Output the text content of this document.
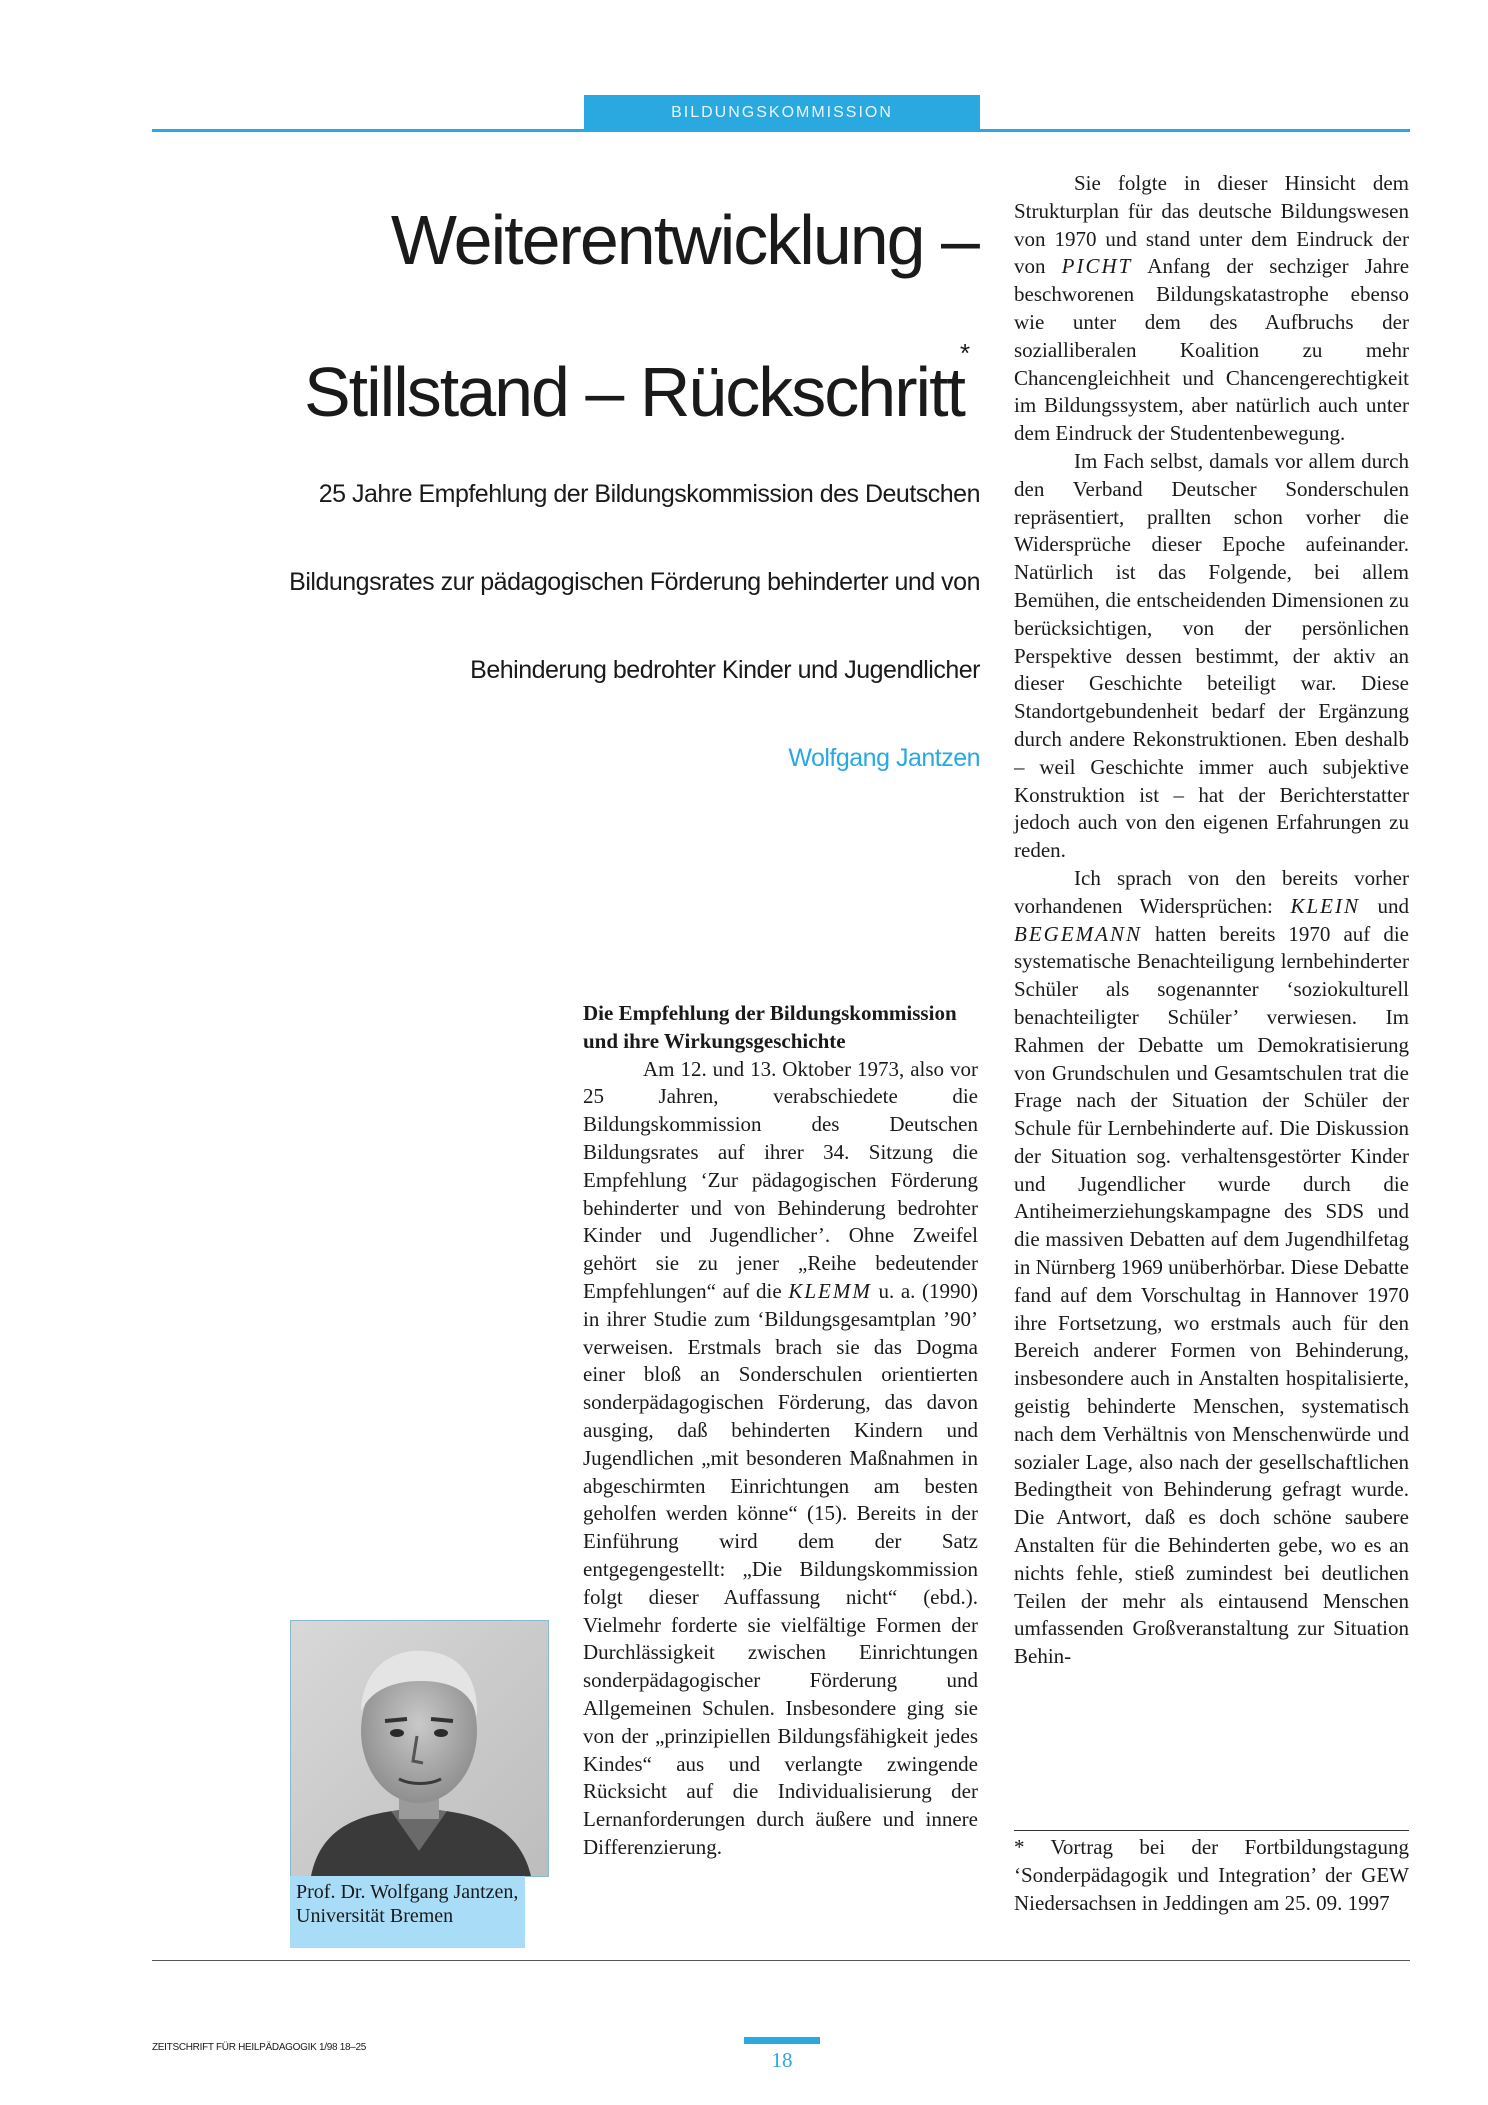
BILDUNGSKOMMISSION
Weiterentwicklung –
Stillstand – Rückschritt
*
25 Jahre Empfehlung der Bildungskommission des Deutschen
Bildungsrates zur pädagogischen Förderung behinderter und von
Behinderung bedrohter Kinder und Jugendlicher
Wolfgang Jantzen
Prof. Dr. Wolfgang Jantzen,
Universität Bremen
Die Empfehlung der Bildungskommission und ihre Wirkungsgeschichte

Am 12. und 13. Oktober 1973, also vor 25 Jahren, verabschiedete die Bildungskommission des Deutschen Bildungsrates auf ihrer 34. Sitzung die Empfehlung ‘Zur pädagogischen Förderung behinderter und von Behinderung bedrohter Kinder und Jugendlicher’. Ohne Zweifel gehört sie zu jener „Reihe bedeutender Empfehlungen“ auf die KLEMM u. a. (1990) in ihrer Studie zum ‘Bildungsgesamtplan ’90’ verweisen. Erstmals brach sie das Dogma einer bloß an Sonderschulen orientierten sonderpädagogischen Förderung, das davon ausging, daß behinderten Kindern und Jugendlichen „mit besonderen Maßnahmen in abgeschirmten Einrichtungen am besten geholfen werden könne“ (15). Bereits in der Einführung wird dem der Satz entgegengestellt: „Die Bildungskommission folgt dieser Auffassung nicht“ (ebd.). Vielmehr forderte sie vielfältige Formen der Durchlässigkeit zwischen Einrichtungen sonderpädagogischer Förderung und Allgemeinen Schulen. Insbesondere ging sie von der „prinzipiellen Bildungsfähigkeit jedes Kindes“ aus und verlangte zwingende Rücksicht auf die Individualisierung der Lernanforderungen durch äußere und innere Differenzierung.

Sie folgte in dieser Hinsicht dem Strukturplan für das deutsche Bildungswesen von 1970 und stand unter dem Eindruck der von PICHT Anfang der sechziger Jahre beschworenen Bildungskatastrophe ebenso wie unter dem des Aufbruchs der sozialliberalen Koalition zu mehr Chancengleichheit und Chancengerechtigkeit im Bildungssystem, aber natürlich auch unter dem Eindruck der Studentenbewegung.

Im Fach selbst, damals vor allem durch den Verband Deutscher Sonderschulen repräsentiert, prallten schon vorher die Widersprüche dieser Epoche aufeinander. Natürlich ist das Folgende, bei allem Bemühen, die entscheidenden Dimensionen zu berücksichtigen, von der persönlichen Perspektive dessen bestimmt, der aktiv an dieser Geschichte beteiligt war. Diese Standortgebundenheit bedarf der Ergänzung durch andere Rekonstruktionen. Eben deshalb – weil Geschichte immer auch subjektive Konstruktion ist – hat der Berichterstatter jedoch auch von den eigenen Erfahrungen zu reden.

Ich sprach von den bereits vorher vorhandenen Widersprüchen: KLEIN und BEGEMANN hatten bereits 1970 auf die systematische Benachteiligung lernbehinderter Schüler als sogenannter ‘soziokulturell benachteiligter Schüler’ verwiesen. Im Rahmen der Debatte um Demokratisierung von Grundschulen und Gesamtschulen trat die Frage nach der Situation der Schüler der Schule für Lernbehinderte auf. Die Diskussion der Situation sog. verhaltensgestörter Kinder und Jugendlicher wurde durch die Antiheimerziehungskampagne des SDS und die massiven Debatten auf dem Jugendhilfetag in Nürnberg 1969 unüberhörbar. Diese Debatte fand auf dem Vorschultag in Hannover 1970 ihre Fortsetzung, wo erstmals auch für den Bereich anderer Formen von Behinderung, insbesondere auch in Anstalten hospitalisierte, geistig behinderte Menschen, systematisch nach dem Verhältnis von Menschenwürde und sozialer Lage, also nach der gesellschaftlichen Bedingtheit von Behinderung gefragt wurde. Die Antwort, daß es doch schöne saubere Anstalten für die Behinderten gebe, wo es an nichts fehle, stieß zumindest bei deutlichen Teilen der mehr als eintausend Menschen umfassenden Großveranstaltung zur Situation Behin-

* Vortrag bei der Fortbildungstagung ‘Sonderpädagogik und Integration’ der GEW Niedersachsen in Jeddingen am 25. 09. 1997
ZEITSCHRIFT FÜR HEILPÄDAGOGIK 1/98 18–25
18
